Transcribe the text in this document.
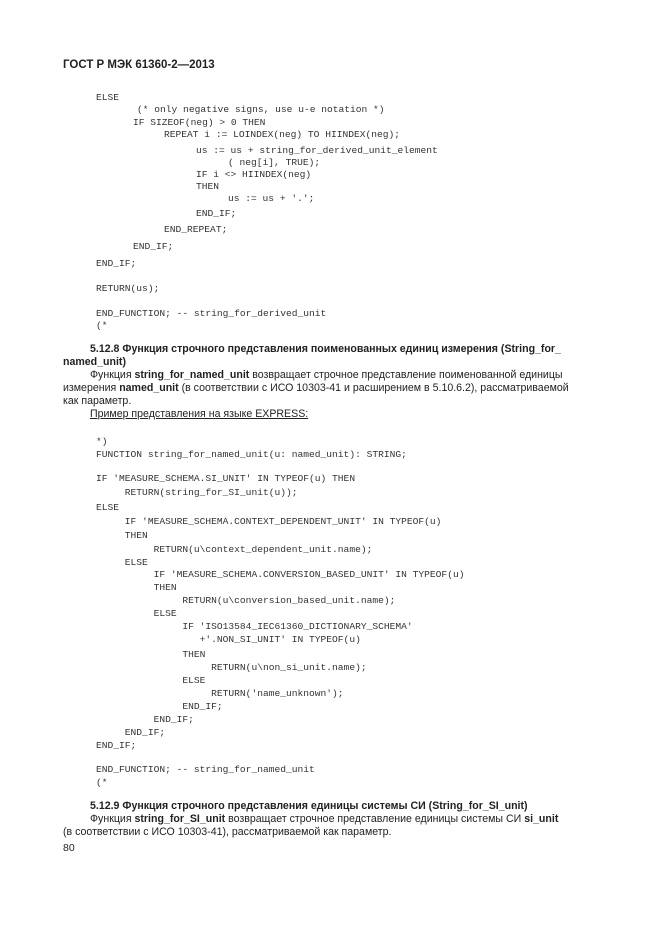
ГОСТ Р МЭК 61360-2—2013
ELSE
(* only negative signs, use u-e notation *)
IF SIZEOF(neg) > 0 THEN
REPEAT i := LOINDEX(neg) TO HIINDEX(neg);
us := us + string_for_derived_unit_element
( neg[i], TRUE);
IF i <> HIINDEX(neg)
THEN
us := us + '.';
END_IF;
END_REPEAT;
END_IF;
END_IF;
RETURN(us);
END_FUNCTION; -- string_for_derived_unit
(*
5.12.8 Функция строчного представления поименованных единиц измерения (String_for_
named_unit)
Функция string_for_named_unit возвращает строчное представление поименованной единицы
измерения named_unit (в соответствии с ИСО 10303-41 и расширением в 5.10.6.2), рассматриваемой
как параметр.
Пример представления на языке EXPRESS:
*)
FUNCTION string_for_named_unit(u: named_unit): STRING;
IF 'MEASURE_SCHEMA.SI_UNIT' IN TYPEOF(u) THEN
RETURN(string_for_SI_unit(u));
ELSE
IF 'MEASURE_SCHEMA.CONTEXT_DEPENDENT_UNIT' IN TYPEOF(u)
THEN
RETURN(u\context_dependent_unit.name);
ELSE
IF 'MEASURE_SCHEMA.CONVERSION_BASED_UNIT' IN TYPEOF(u)
THEN
RETURN(u\conversion_based_unit.name);
ELSE
IF 'ISO13584_IEC61360_DICTIONARY_SCHEMA'
+'.NON_SI_UNIT' IN TYPEOF(u)
THEN
RETURN(u\non_si_unit.name);
ELSE
RETURN('name_unknown');
END_IF;
END_IF;
END_IF;
END_IF;
END_FUNCTION; -- string_for_named_unit
(*
5.12.9 Функция строчного представления единицы системы СИ (String_for_SI_unit)
Функция string_for_SI_unit возвращает строчное представление единицы системы СИ si_unit
(в соответствии с ИСО 10303-41), рассматриваемой как параметр.
80
